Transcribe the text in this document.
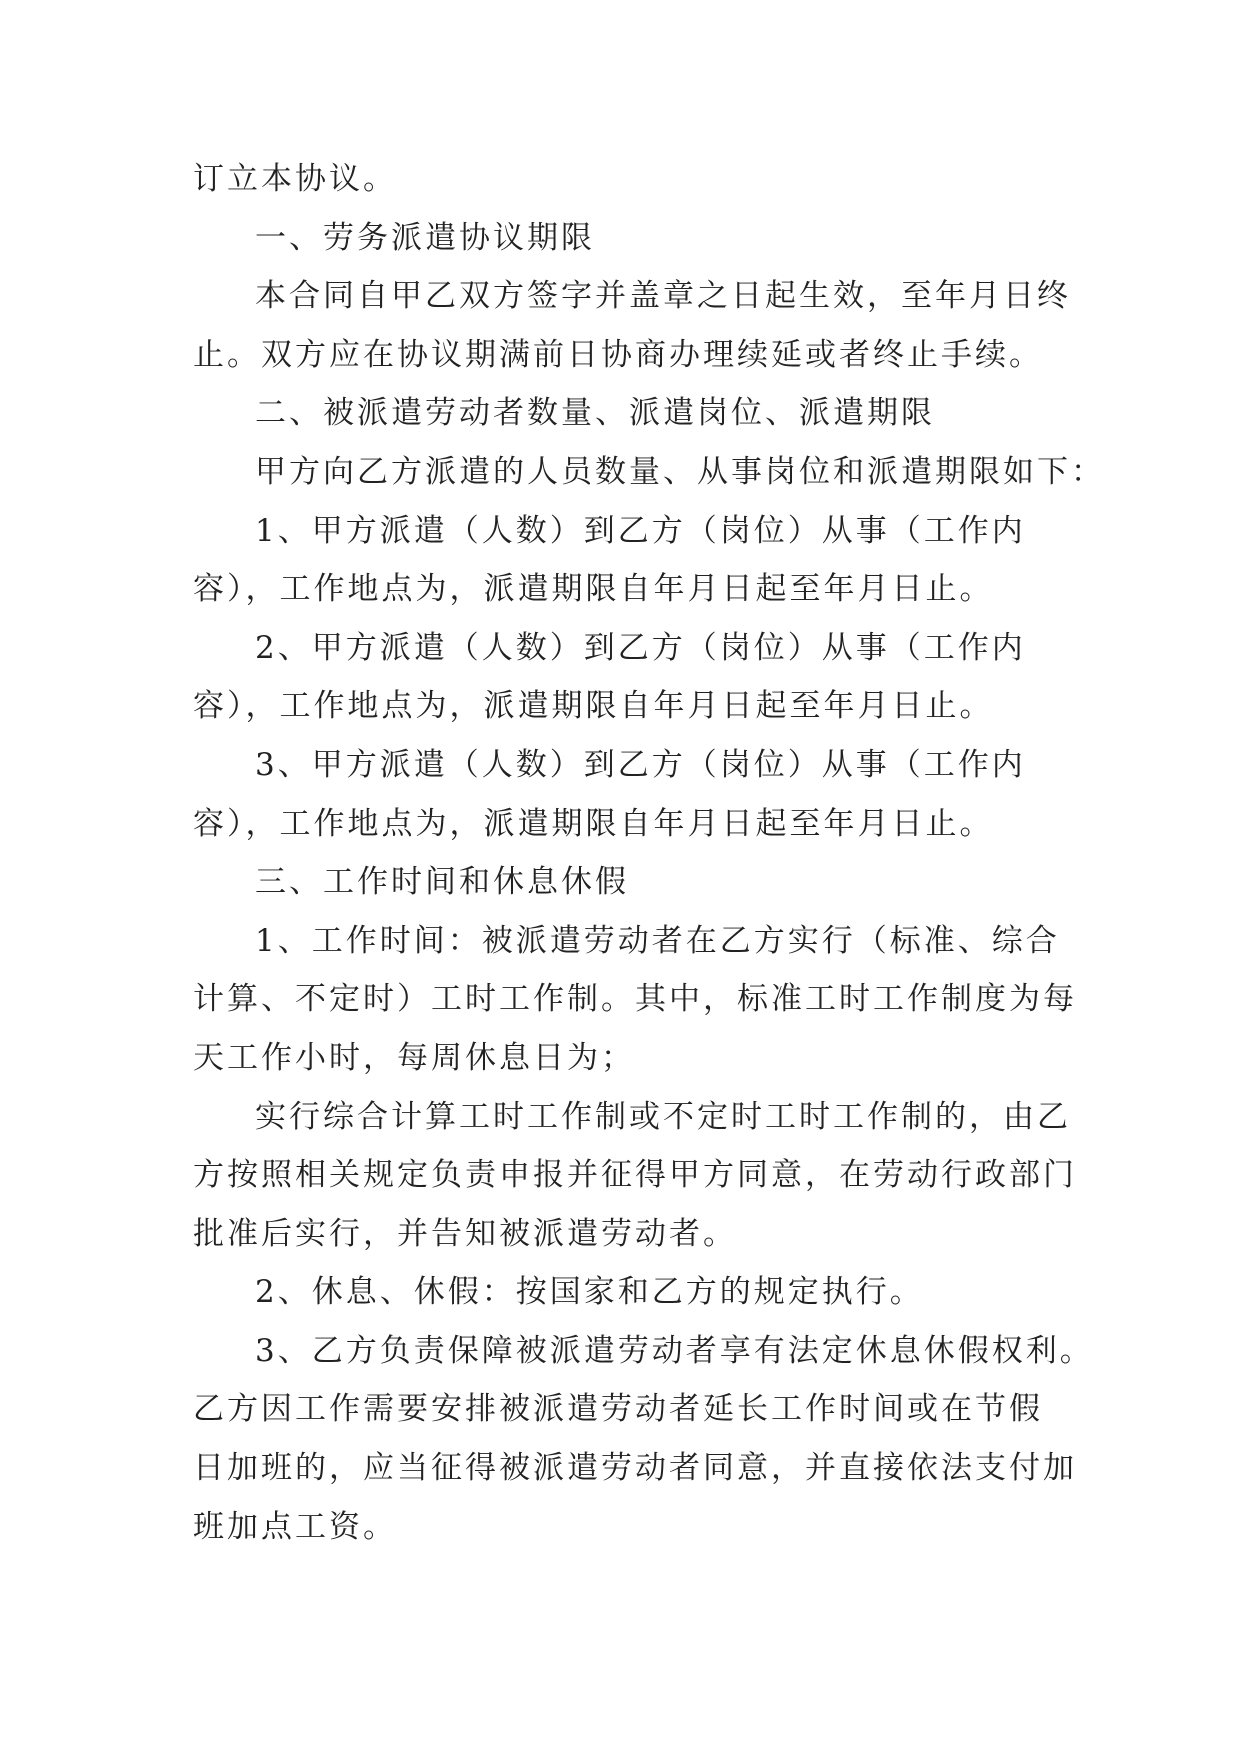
订立本协议。
一、劳务派遣协议期限
本合同自甲乙双方签字并盖章之日起生效，至年月日终
止。双方应在协议期满前日协商办理续延或者终止手续。
二、被派遣劳动者数量、派遣岗位、派遣期限
甲方向乙方派遣的人员数量、从事岗位和派遣期限如下：
1、甲方派遣（人数）到乙方（岗位）从事（工作内
容），工作地点为，派遣期限自年月日起至年月日止。
2、甲方派遣（人数）到乙方（岗位）从事（工作内
容），工作地点为，派遣期限自年月日起至年月日止。
3、甲方派遣（人数）到乙方（岗位）从事（工作内
容），工作地点为，派遣期限自年月日起至年月日止。
三、工作时间和休息休假
1、工作时间：被派遣劳动者在乙方实行（标准、综合
计算、不定时）工时工作制。其中，标准工时工作制度为每
天工作小时，每周休息日为；
实行综合计算工时工作制或不定时工时工作制的，由乙
方按照相关规定负责申报并征得甲方同意，在劳动行政部门
批准后实行，并告知被派遣劳动者。
2、休息、休假：按国家和乙方的规定执行。
3、乙方负责保障被派遣劳动者享有法定休息休假权利。
乙方因工作需要安排被派遣劳动者延长工作时间或在节假
日加班的，应当征得被派遣劳动者同意，并直接依法支付加
班加点工资。
